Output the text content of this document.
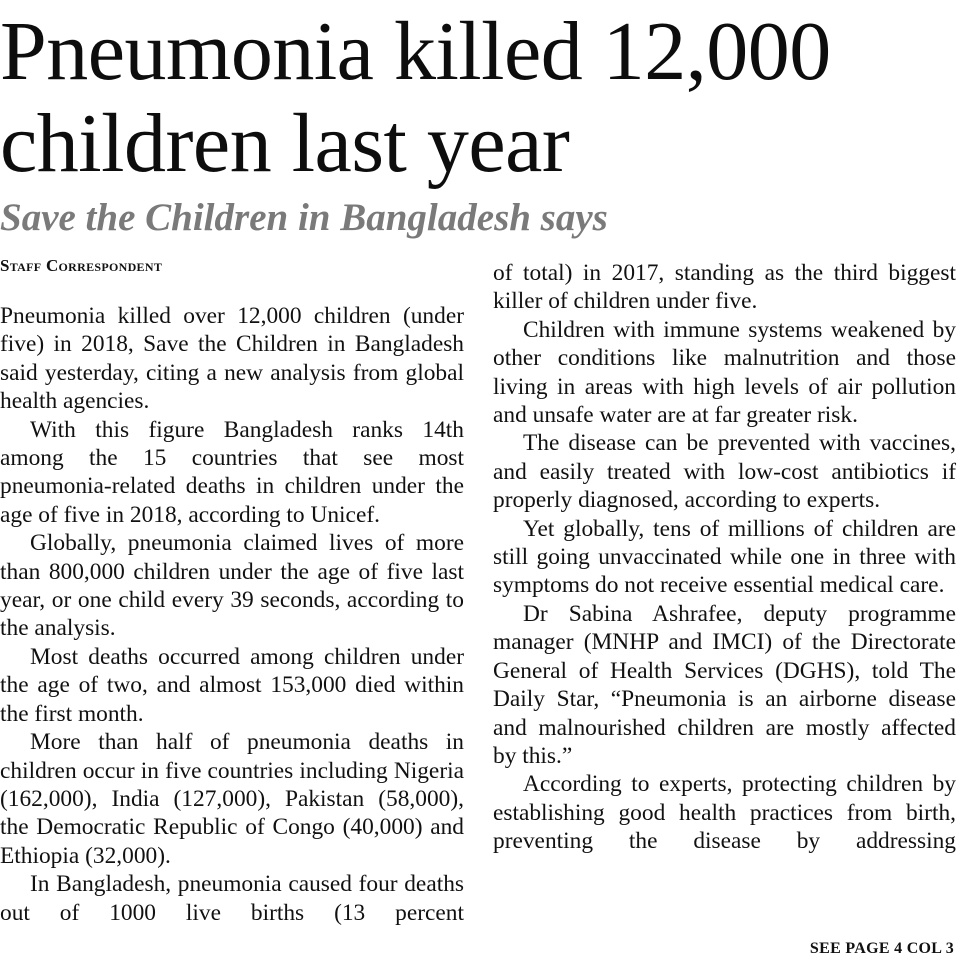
Pneumonia killed 12,000 children last year
Save the Children in Bangladesh says
Staff Correspondent

Pneumonia killed over 12,000 children (under five) in 2018, Save the Children in Bangladesh said yesterday, citing a new analysis from global health agencies.

With this figure Bangladesh ranks 14th among the 15 countries that see most pneumonia-related deaths in children under the age of five in 2018, according to Unicef.

Globally, pneumonia claimed lives of more than 800,000 children under the age of five last year, or one child every 39 seconds, according to the analysis.

Most deaths occurred among children under the age of two, and almost 153,000 died within the first month.

More than half of pneumonia deaths in children occur in five countries including Nigeria (162,000), India (127,000), Pakistan (58,000), the Democratic Republic of Congo (40,000) and Ethiopia (32,000).

In Bangladesh, pneumonia caused four deaths out of 1000 live births (13 percent

of total) in 2017, standing as the third biggest killer of children under five.

Children with immune systems weakened by other conditions like malnutrition and those living in areas with high levels of air pollution and unsafe water are at far greater risk.

The disease can be prevented with vaccines, and easily treated with low-cost antibiotics if properly diagnosed, according to experts.

Yet globally, tens of millions of children are still going unvaccinated while one in three with symptoms do not receive essential medical care.

Dr Sabina Ashrafee, deputy programme manager (MNHP and IMCI) of the Directorate General of Health Services (DGHS), told The Daily Star, “Pneumonia is an airborne disease and malnourished children are mostly affected by this.”

According to experts, protecting children by establishing good health practices from birth, preventing the disease by addressing

SEE PAGE 4 COL 3
